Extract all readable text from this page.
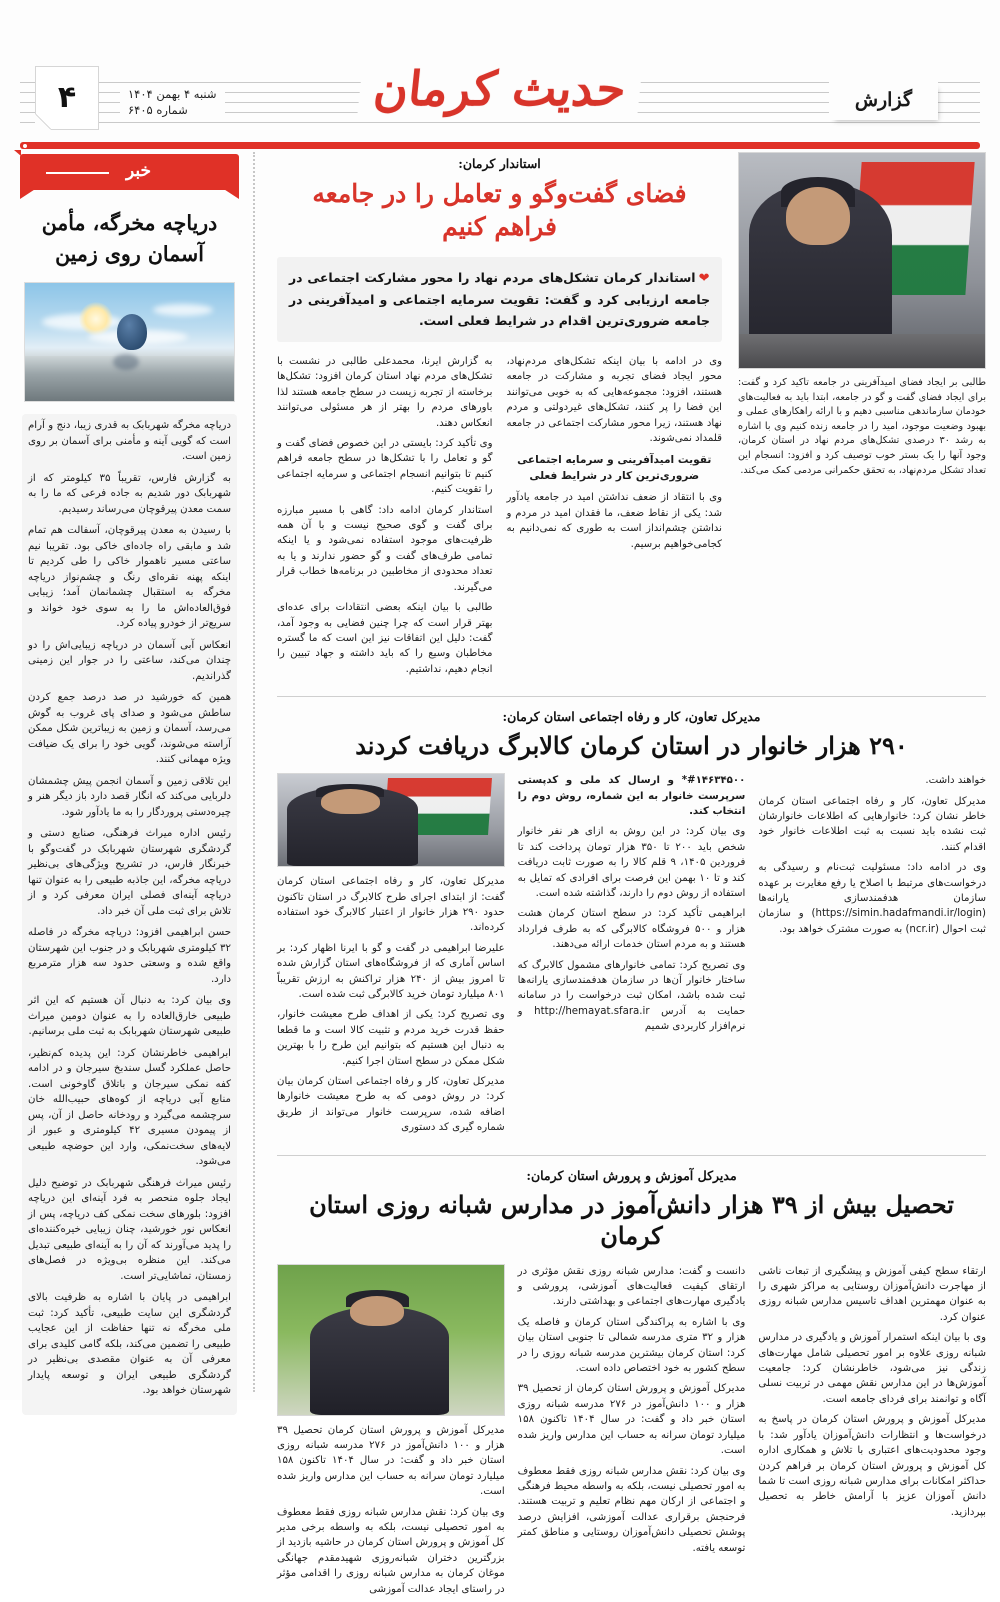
حدیث کرمان	گزارش
شنبه ۴ بهمن ۱۴۰۴
شماره ۶۴۰۵
۴
طالبی بر ایجاد فضای امیدآفرینی در جامعه تاکید کرد و گفت: برای ایجاد فضای گفت و گو در جامعه، ابتدا باید به فعالیت‌های خودمان سازماندهی مناسبی دهیم و با ارائه راهکارهای عملی و بهبود وضعیت موجود، امید را در جامعه زنده کنیم وی با اشاره به رشد ۳۰ درصدی تشکل‌های مردم نهاد در استان کرمان، وجود آنها را یک بستر خوب توصیف کرد و افزود: انسجام این تعداد تشکل مردم‌نهاد، به تحقق حکمرانی مردمی کمک می‌کند.
استاندار کرمان:
فضای گفت‌وگو و تعامل را در جامعه فراهم کنیم
❤استاندار کرمان تشکل‌های مردم نهاد را محور مشارکت اجتماعی در جامعه ارزیابی کرد و گفت: تقویت سرمایه اجتماعی و امیدآفرینی در جامعه ضروری‌ترین اقدام در شرایط فعلی است.

وی در ادامه با بیان اینکه تشکل‌های مردم‌نهاد، محور ایجاد فضای تجربه و مشارکت در جامعه هستند، افزود: مجموعه‌هایی که به خوبی می‌توانند این فضا را پر کنند، تشکل‌های غیردولتی و مردم نهاد هستند، زیرا محور مشارکت اجتماعی در جامعه قلمداد نمی‌شوند.

تقویت امیدآفرینی و سرمایه اجتماعی ضروری‌ترین کار در شرایط فعلی

وی با انتقاد از ضعف نداشتن امید در جامعه یادآور شد: یکی از نقاط ضعف، ما فقدان امید در مردم و نداشتن چشم‌انداز است به طوری که نمی‌دانیم به کجامی‌خواهیم برسیم.

به گزارش ایرنا، محمدعلی طالبی در نشست با تشکل‌های مردم نهاد استان کرمان افزود: تشکل‌ها برخاسته از تجربه زیست در سطح جامعه هستند لذا باورهای مردم را بهتر از هر مسئولی می‌توانند انعکاس دهند.

وی تأکید کرد: بایستی در این خصوص فضای گفت و گو و تعامل را با تشکل‌ها در سطح جامعه فراهم کنیم تا بتوانیم انسجام اجتماعی و سرمایه اجتماعی را تقویت کنیم.

استاندار کرمان ادامه داد: گاهی با مسیر مبارزه برای گفت و گوی صحیح نیست و با آن همه ظرفیت‌های موجود استفاده نمی‌شود و یا اینکه تمامی طرف‌های گفت و گو حضور ندارند و یا به تعداد محدودی از مخاطبین در برنامه‌ها خطاب قرار می‌گیرند.

طالبی با بیان اینکه بعضی انتقادات برای عده‌ای بهتر قرار است که چرا چنین فضایی به وجود آمد، گفت: دلیل این اتفاقات نیز این است که ما گستره مخاطبان وسیع را که باید داشته و جهاد تبیین را انجام دهیم، نداشتیم.

مدیرکل تعاون، کار و رفاه اجتماعی استان کرمان:
۲۹۰ هزار خانوار در استان کرمان کالابرگ دریافت کردند

خواهند داشت.

مدیرکل تعاون، کار و رفاه اجتماعی استان کرمان خاطر نشان کرد: خانوارهایی که اطلاعات خانوارشان ثبت نشده باید نسبت به ثبت اطلاعات خانوار خود اقدام کنند.

وی در ادامه داد: مسئولیت ثبت‌نام و رسیدگی به درخواست‌های مرتبط با اصلاح یا رفع مغایرت بر عهده سازمان هدفمندسازی یارانه‌ها (https://simin.hadafmandi.ir/login) و سازمان ثبت احوال (ncr.ir) به صورت مشترک خواهد بود.

#۱۴۶۳۴۵۰۰* و ارسال کد ملی و کدپستی سرپرست خانوار به این شماره، روش دوم را انتخاب کند.

وی بیان کرد: در این روش به ازای هر نفر خانوار شخص باید ۲۰۰ تا ۳۵۰ هزار تومان پرداخت کند تا فروردین ۱۴۰۵، ۹ قلم کالا را به صورت ثابت دریافت کند و تا ۱۰ بهمن این فرصت برای افرادی که تمایل به استفاده از روش دوم را دارند، گذاشته شده است.

ابراهیمی تأکید کرد: در سطح استان کرمان هشت هزار و ۵۰۰ فروشگاه کالابرگی که به طرف فرارداد هستند و به مردم استان خدمات ارائه می‌دهند.

وی تصریح کرد: تمامی خانوارهای مشمول کالابرگ که ساختار خانوار آن‌ها در سازمان هدفمندسازی یارانه‌ها ثبت شده باشد، امکان ثبت درخواست را در سامانه حمایت به آدرس http://hemayat.sfara.ir و نرم‌افزار کاربردی شمیم

مدیرکل تعاون، کار و رفاه اجتماعی استان کرمان گفت: از ابتدای اجرای طرح کالابرگ در استان تاکنون حدود ۲۹۰ هزار خانوار از اعتبار کالابرگ خود استفاده کرده‌اند.

علیرضا ابراهیمی در گفت و گو با ایرنا اظهار کرد: بر اساس آماری که از فروشگاه‌های استان گزارش شده تا امروز بیش از ۲۴۰ هزار تراکنش به ارزش تقریباً ۸۰۱ میلیارد تومان خرید کالابرگی ثبت شده است.

وی تصریح کرد: یکی از اهداف طرح معیشت خانوار، حفظ قدرت خرید مردم و تثبیت کالا است و ما قطعا به دنبال این هستیم که بتوانیم این طرح را با بهترین شکل ممکن در سطح استان اجرا کنیم.

مدیرکل تعاون، کار و رفاه اجتماعی استان کرمان بیان کرد: در روش دومی که به طرح معیشت خانوارها اضافه شده، سرپرست خانوار می‌تواند از طریق شماره گیری کد دستوری

مدیرکل آموزش و پرورش استان کرمان:
تحصیل بیش از ۳۹ هزار دانش‌آموز در مدارس شبانه روزی استان کرمان

ارتقاء سطح کیفی آموزش و پیشگیری از تبعات ناشی از مهاجرت دانش‌آموزان روستایی به مراکز شهری را به عنوان مهمترین اهداف تاسیس مدارس شبانه روزی عنوان کرد.

وی با بیان اینکه استمرار آموزش و یادگیری در مدارس شبانه روزی علاوه بر امور تحصیلی شامل مهارت‌های زندگی نیز می‌شود، خاطرنشان کرد: جامعیت آموزش‌ها در این مدارس نقش مهمی در تربیت نسلی آگاه و توانمند برای فردای جامعه است.

مدیرکل آموزش و پرورش استان کرمان در پاسخ به درخواست‌ها و انتظارات دانش‌آموزان یادآور شد: با وجود محدودیت‌های اعتباری با تلاش و همکاری اداره کل آموزش و پرورش استان کرمان بر فراهم کردن حداکثر امکانات برای مدارس شبانه روزی است تا شما دانش آموزان عزیز با آرامش خاطر به تحصیل بپردازید.

دانست و گفت: مدارس شبانه روزی نقش مؤثری در ارتقای کیفیت فعالیت‌های آموزشی، پرورشی و یادگیری مهارت‌های اجتماعی و بهداشتی دارند.

وی با اشاره به پراکندگی استان کرمان و فاصله یک هزار و ۳۲ متری مدرسه شمالی تا جنوبی استان بیان کرد: استان کرمان بیشترین مدرسه شبانه روزی را در سطح کشور به خود اختصاص داده است.

مدیرکل آموزش و پرورش استان کرمان از تحصیل ۳۹ هزار و ۱۰۰ دانش‌آموز در ۲۷۶ مدرسه شبانه روزی استان خبر داد و گفت: در سال ۱۴۰۴ تاکنون ۱۵۸ میلیارد تومان سرانه به حساب این مدارس واریز شده است.

وی بیان کرد: نقش مدارس شبانه روزی فقط معطوف به امور تحصیلی نیست، بلکه به واسطه محیط فرهنگی و اجتماعی از ارکان مهم نظام تعلیم و تربیت هستند. فرحنجش برقراری عدالت آموزشی، افزایش درصد پوشش تحصیلی دانش‌آموزان روستایی و مناطق کمتر توسعه یافته.

مدیرکل آموزش و پرورش استان کرمان تحصیل ۳۹ هزار و ۱۰۰ دانش‌آموز در ۲۷۶ مدرسه شبانه روزی استان خبر داد و گفت: در سال ۱۴۰۴ تاکنون ۱۵۸ میلیارد تومان سرانه به حساب این مدارس واریز شده است.

وی بیان کرد: نقش مدارس شبانه روزی فقط معطوف به امور تحصیلی نیست، بلکه به واسطه برخی مدیر کل آموزش و پرورش استان کرمان در حاشیه بازدید از بزرگترین دختران شبانه‌روزی شهیدمقدم جهانگی موغان کرمان به مدارس شبانه روزی را اقدامی مؤثر در راستای ایجاد عدالت آموزشی

خبر
دریاچه مخرگه، مأمن آسمان روی زمین

دریاچه مخرگه شهربابک به قدری زیبا، دنج و آرام است که گویی آینه و مأمنی برای آسمان بر روی زمین است.

به گزارش فارس، تقریباً ۳۵ کیلومتر که از شهربابک دور شدیم به جاده فرعی که ما را به سمت معدن پیرقوچان می‌رساند رسیدیم.

با رسیدن به معدن پیرقوچان، آسفالت هم تمام شد و مابقی راه جاده‌ای خاکی بود. تقریبا نیم ساعتی مسیر ناهموار خاکی را طی کردیم تا اینکه پهنه نقره‌ای رنگ و چشم‌نواز دریاچه مخرگه به استقبال چشمانمان آمد؛ زیبایی فوق‌العاده‌اش ما را به سوی خود خواند و سریع‌تر از خودرو پیاده کرد.

انعکاس آبی آسمان در دریاچه زیبایی‌اش را دو چندان می‌کند، ساعتی را در جوار این زمینی گذراندیم.

همین که خورشید در صد درصد جمع کردن ساطش می‌شود و صدای پای غروب به گوش می‌رسد، آسمان و زمین به زیباترین شکل ممکن آراسته می‌شوند، گویی خود را برای یک ضیافت ویژه مهمانی کنند.

این تلاقی زمین و آسمان انجمن پیش چشمشان دلربایی می‌کند که انگار قصد دارد باز دیگر هنر و چیره‌دستی پروردگار را به ما یادآور شود.

رئیس اداره میراث فرهنگی، صنایع دستی و گردشگری شهرستان شهربابک در گفت‌وگو با خبرنگار فارس، در تشریح ویژگی‌های بی‌نظیر دریاچه مخرگه، این جاذبه طبیعی را به عنوان تنها دریاچه آینه‌ای فصلی ایران معرفی کرد و از تلاش برای ثبت ملی آن خبر داد.

حسن ابراهیمی افزود: دریاچه مخرگه در فاصله ۳۲ کیلومتری شهربابک و در جنوب این شهرستان واقع شده و وسعتی حدود سه هزار مترمربع دارد.

وی بیان کرد: به دنبال آن هستیم که این اثر طبیعی خارق‌العاده را به عنوان دومین میراث طبیعی شهرستان شهربابک به ثبت ملی برسانیم.

ابراهیمی خاطرنشان کرد: این پدیده کم‌نظیر، حاصل عملکرد گسل سندبخ سیرجان و در ادامه کفه نمکی سیرجان و باتلاق گاوخونی است. منابع آبی دریاچه از کوه‌های حبیب‌الله خان سرچشمه می‌گیرد و رودخانه حاصل از آن، پس از پیمودن مسیری ۴۲ کیلومتری و عبور از لایه‌های سخت‌نمکی، وارد این حوضچه طبیعی می‌شود.

رئیس میراث فرهنگی شهربابک در توضیح دلیل ایجاد جلوه منحصر به فرد آینه‌ای این دریاچه افزود: بلورهای سخت نمکی کف دریاچه، پس از انعکاس نور خورشید، چنان زیبایی خیره‌کننده‌ای را پدید می‌آورند که آن را به آینه‌ای طبیعی تبدیل می‌کند. این منظره بی‌ویژه در فصل‌های زمستان، تماشایی‌تر است.

ابراهیمی در پایان با اشاره به ظرفیت بالای گردشگری این سایت طبیعی، تأکید کرد: ثبت ملی مخرگه نه تنها حفاظت از این عجایب طبیعی را تضمین می‌کند، بلکه گامی کلیدی برای معرفی آن به عنوان مقصدی بی‌نظیر در گردشگری طبیعی ایران و توسعه پایدار شهرستان خواهد بود.
